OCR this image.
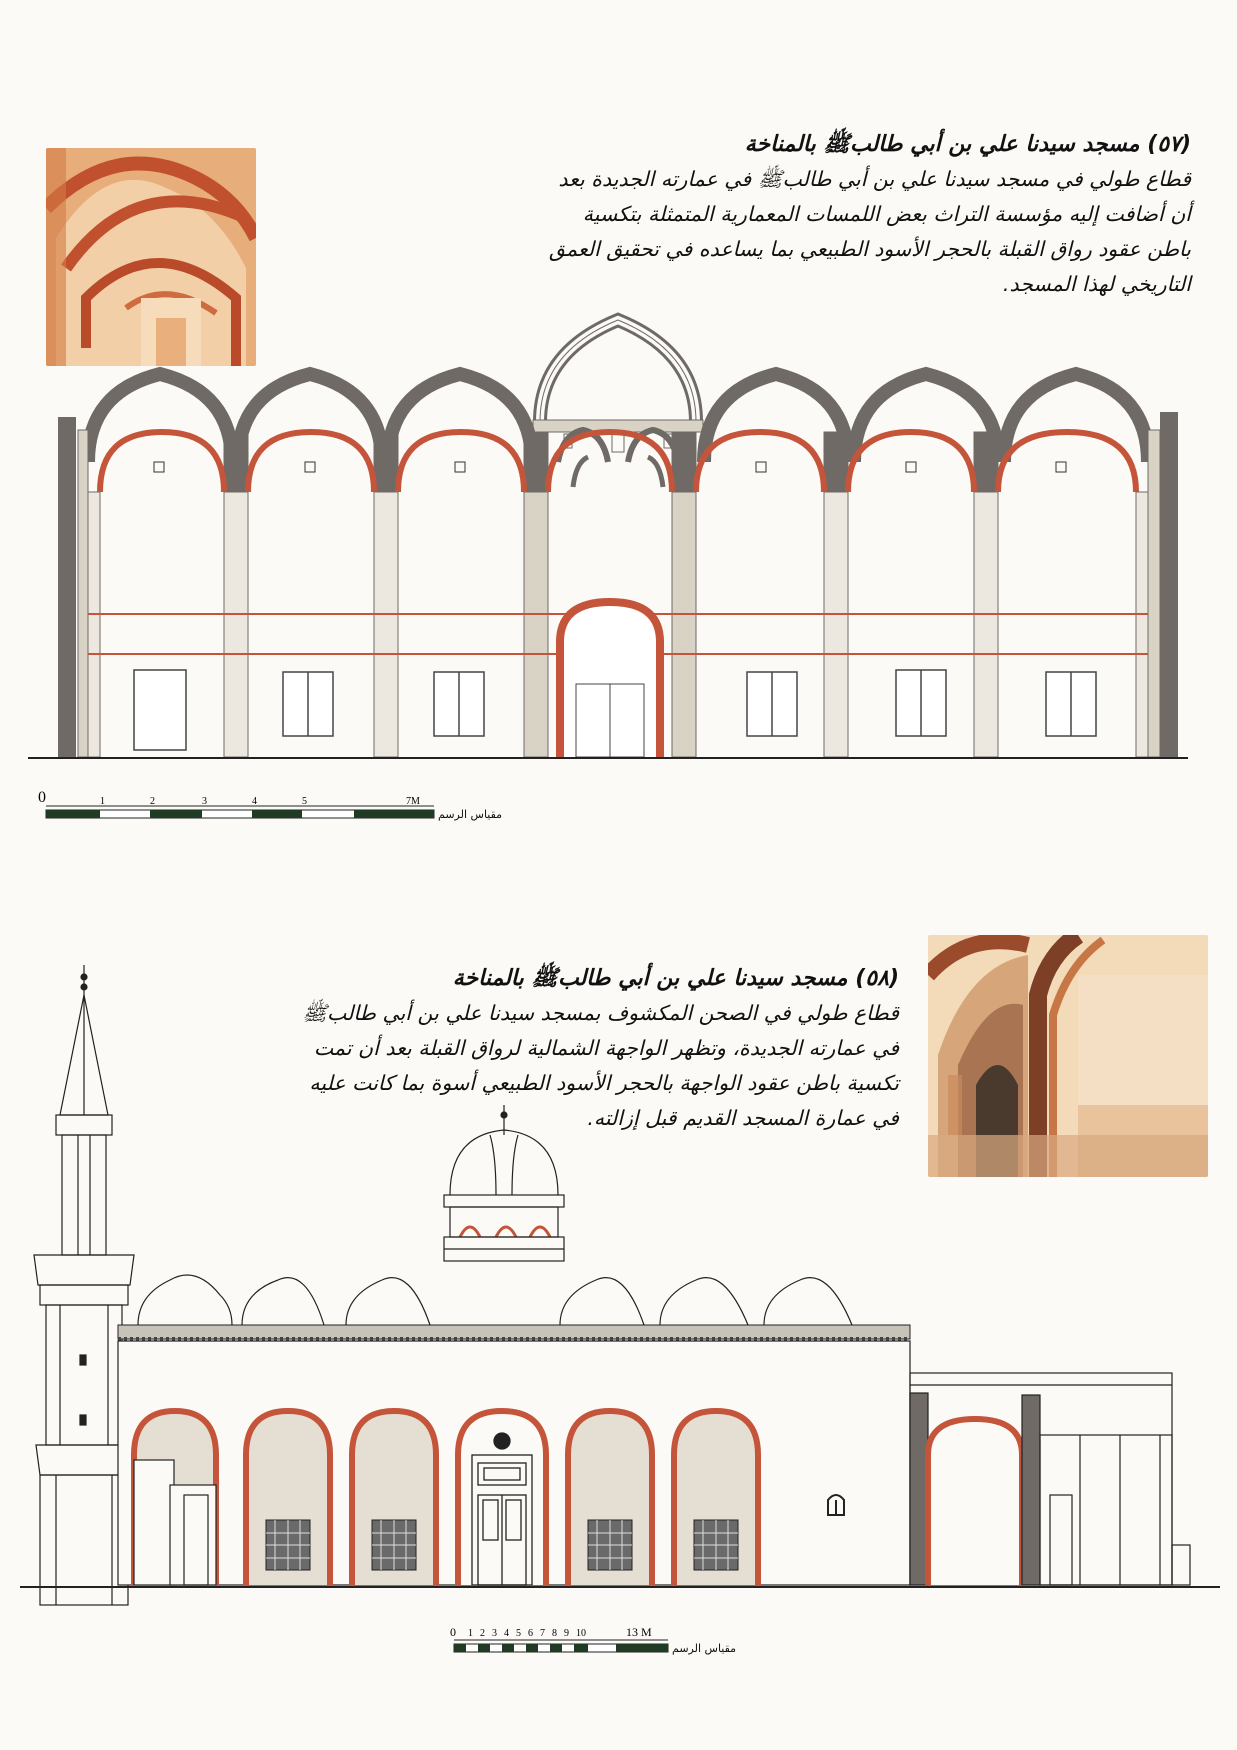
(٥٧) مسجد سيدنا علي بن أبي طالبﷺ بالمناخة
قطاع طولي في مسجد سيدنا علي بن أبي طالبﷺ في عمارته الجديدة بعد
أن أضافت إليه مؤسسة التراث بعض اللمسات المعمارية المتمثلة بتكسية
باطن عقود رواق القبلة بالحجر الأسود الطبيعي بما يساعده في تحقيق العمق
التاريخي لهذا المسجد.
0	1	2	3	4	5	7M
مقياس الرسم
(٥٨) مسجد سيدنا علي بن أبي طالبﷺ بالمناخة
قطاع طولي في الصحن المكشوف بمسجد سيدنا علي بن أبي طالبﷺ
في عمارته الجديدة، وتظهر الواجهة الشمالية لرواق القبلة بعد أن تمت
تكسية باطن عقود الواجهة بالحجر الأسود الطبيعي أسوة بما كانت عليه
في عمارة المسجد القديم قبل إزالته.
0 1 2 3 4 5 6 7 8 9 10	13 M
مقياس الرسم
